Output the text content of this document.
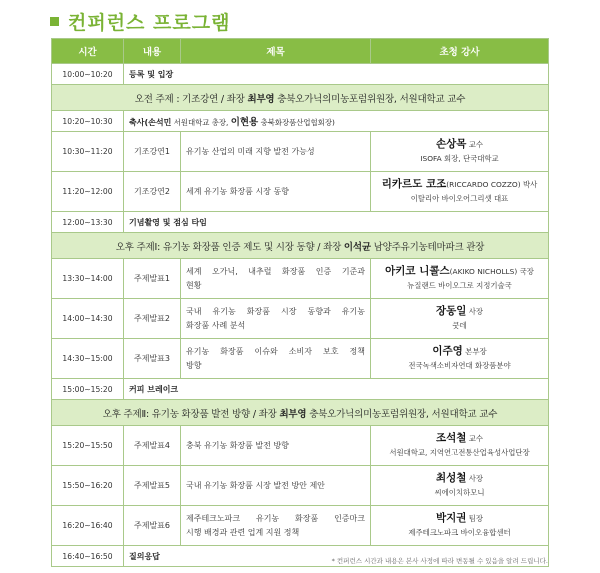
컨퍼런스 프로그램
시간	내용	제목	초청 강사
10:00~10:20	등록 및 입장		
오전 주제 : 기조강연 / 좌장 최부영 충북오가닉의미농포럼위원장, 서원대학교 교수			
10:20~10:30	축사(손석민 서원대학교 총장, 이현용 충북화장품산업협회장)		
10:30~11:20	기조강연1	유기농 산업의 미래 지향 발전 가능성	손상목 교수
ISOFA 회장, 단국대학교

11:20~12:00	기조강연2	세계 유기농 화장품 시장 동향	리카르도 코조(RICCARDO COZZO) 박사
이탈리아 바이오어그리셋 대표

12:00~13:30	기념촬영 및 점심 타임		
오후 주제Ⅰ: 유기농 화장품 인증 제도 및 시장 동향 / 좌장 이석균 남양주유기농테마파크 관장			
13:30~14:00	주제발표1	세계 오가닉, 내추럴 화장품 인증 기준과
현황	아키코 니콜스(AKIKO NICHOLLS) 국장
뉴질랜드 바이오그로 지정기술국

14:00~14:30	주제발표2	국내 유기농 화장품 시장 동향과 유기농
화장품 사례 분석	장동일 사장
쿳데

14:30~15:00	주제발표3	유기농 화장품 이슈와 소비자 보호 정책
방향	이주영 본부장
전국녹색소비자연대 화장품분야

15:00~15:20	커피 브레이크		
오후 주제Ⅱ: 유기농 화장품 발전 방향 / 좌장 최부영 충북오가닉의미농포럼위원장, 서원대학교 교수			
15:20~15:50	주제발표4	충북 유기농 화장품 발전 방향	조석철 교수
서원대학교, 지역연고전통산업육성사업단장

15:50~16:20	주제발표5	국내 유기농 화장품 시장 발전 방안 제안	최성철 사장
씨에이치하모니

16:20~16:40	주제발표6	제주테크노파크 유기농 화장품 인증마크
시행 배경과 관련 업계 지원 정책	박지권 팀장
제주테크노파크 바이오융합센터

16:40~16:50	질의응답		
* 컨퍼런스 시간과 내용은 본사 사정에 따라 변동될 수 있음을 알려 드립니다.
